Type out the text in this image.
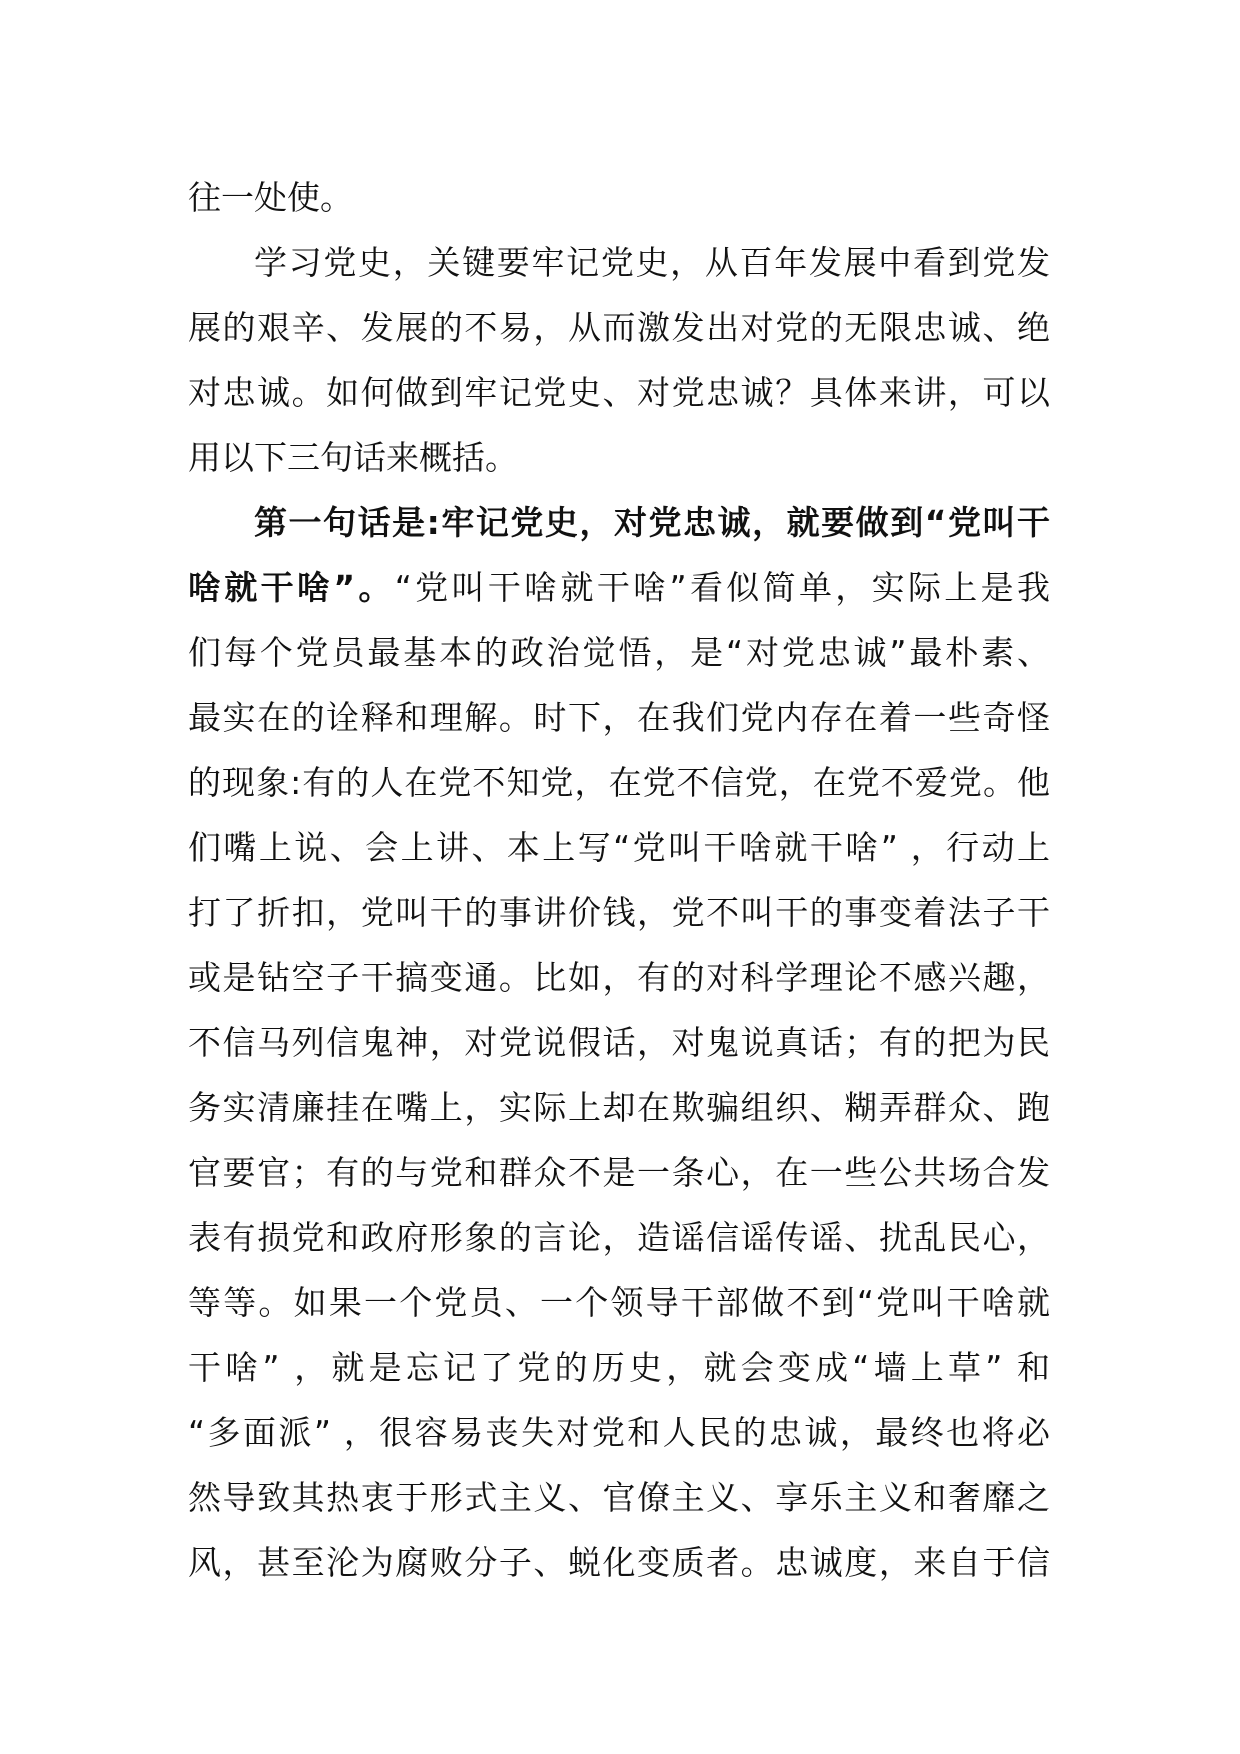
往一处使。
学习党史，关键要牢记党史，从百年发展中看到党发
展的艰辛、发展的不易，从而激发出对党的无限忠诚、绝
对忠诚。如何做到牢记党史、对党忠诚？具体来讲，可以
用以下三句话来概括。
第一句话是:牢记党史，对党忠诚，就要做到“党叫干
啥就干啥”。“党叫干啥就干啥”看似简单，实际上是我
们每个党员最基本的政治觉悟，是“对党忠诚”最朴素、
最实在的诠释和理解。时下，在我们党内存在着一些奇怪
的现象:有的人在党不知党，在党不信党，在党不爱党。他
们嘴上说、会上讲、本上写“党叫干啥就干啥” ，行动上
打了折扣，党叫干的事讲价钱，党不叫干的事变着法子干
或是钻空子干搞变通。比如，有的对科学理论不感兴趣，
不信马列信鬼神，对党说假话，对鬼说真话；有的把为民
务实清廉挂在嘴上，实际上却在欺骗组织、糊弄群众、跑
官要官；有的与党和群众不是一条心，在一些公共场合发
表有损党和政府形象的言论，造谣信谣传谣、扰乱民心，
等等。如果一个党员、一个领导干部做不到“党叫干啥就
干啥” ，就是忘记了党的历史，就会变成“墙上草” 和
“多面派” ，很容易丧失对党和人民的忠诚，最终也将必
然导致其热衷于形式主义、官僚主义、享乐主义和奢靡之
风，甚至沦为腐败分子、蜕化变质者。忠诚度，来自于信
